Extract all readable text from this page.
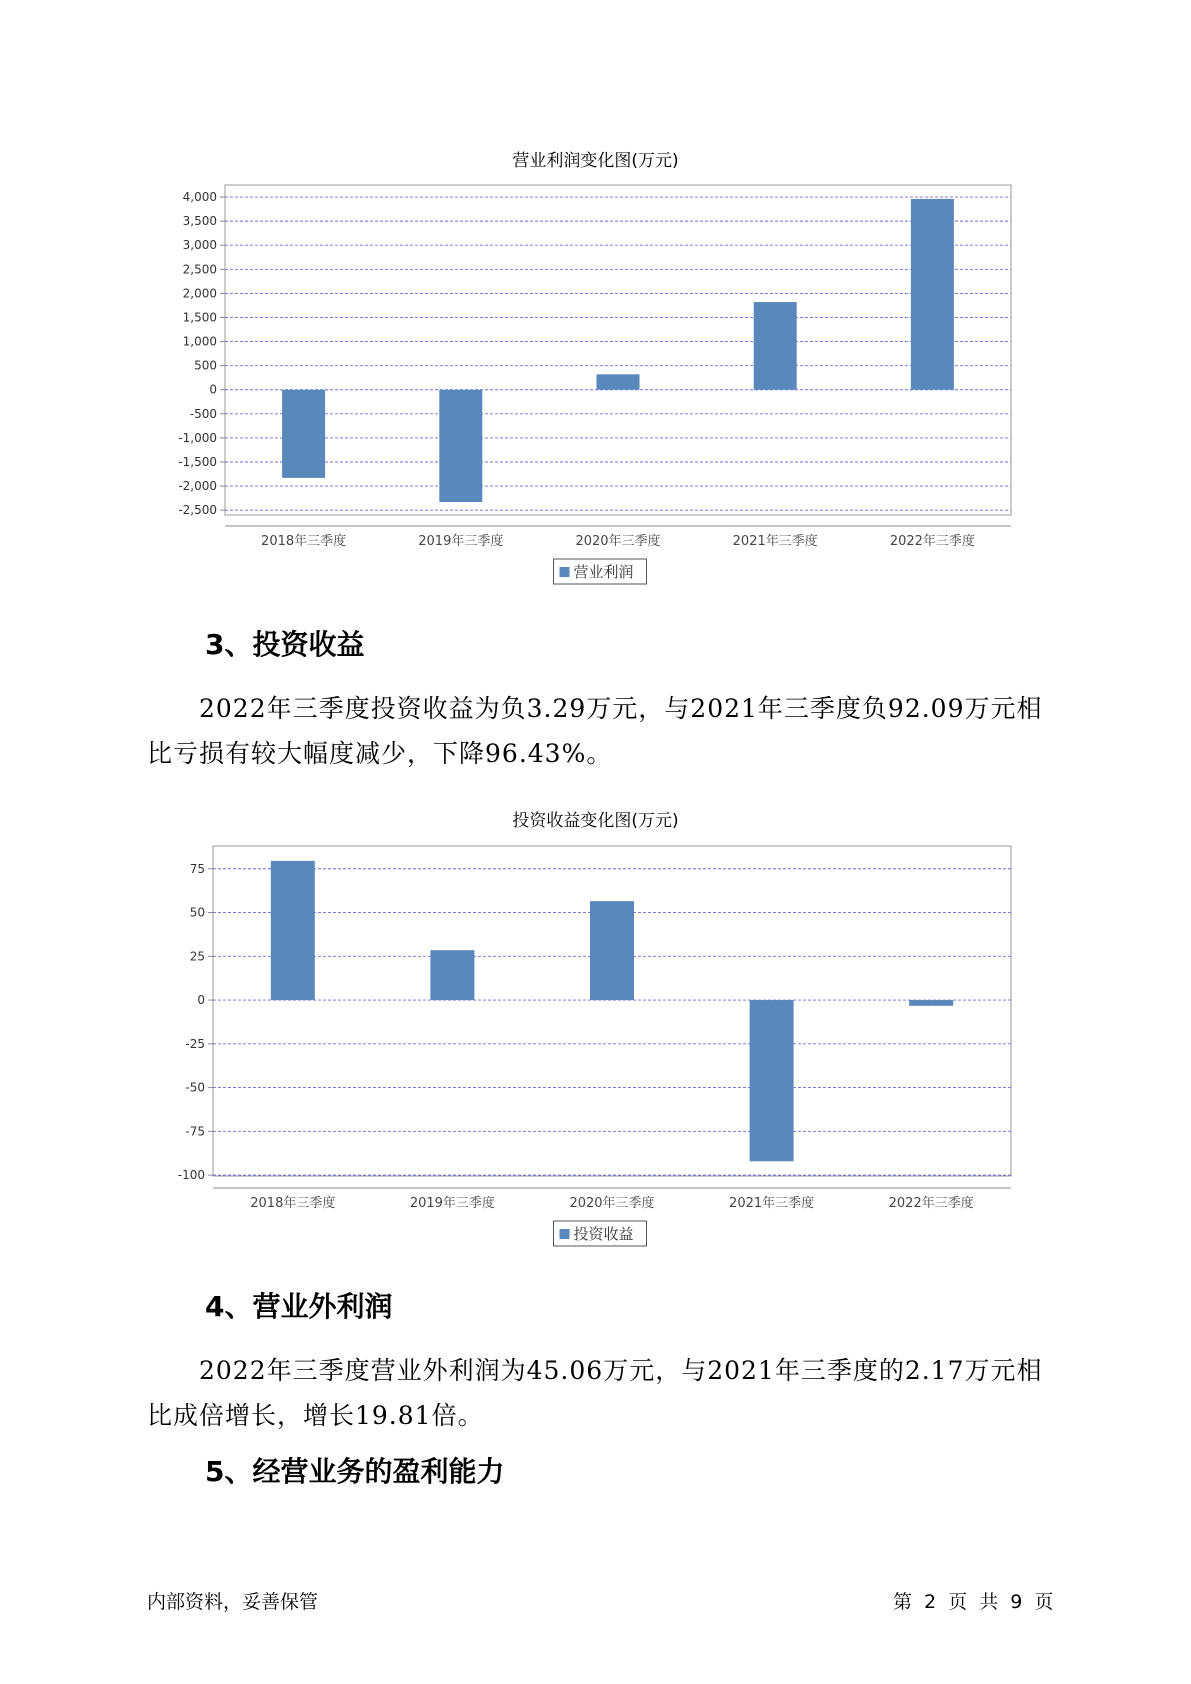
营业利润变化图(万元)
4,000
3,500
3,000
2,500
2,000
1,500
1,000
500
0
-500
-1,000
-1,500
-2,000
-2,500
2018年三季度	2019年三季度	2020年三季度	2021年三季度	2022年三季度
营业利润
3、投资收益

2022年三季度投资收益为负3.29万元，与2021年三季度负92.09万元相比亏损有较大幅度减少，下降96.43%。

投资收益变化图(万元)
75
50
25
0
-25
-50
-75
-100
2018年三季度	2019年三季度	2020年三季度	2021年三季度	2022年三季度
投资收益
4、营业外利润

2022年三季度营业外利润为45.06万元，与2021年三季度的2.17万元相比成倍增长，增长19.81倍。

5、经营业务的盈利能力
内部资料，妥善保管	第 2 页 共 9 页
